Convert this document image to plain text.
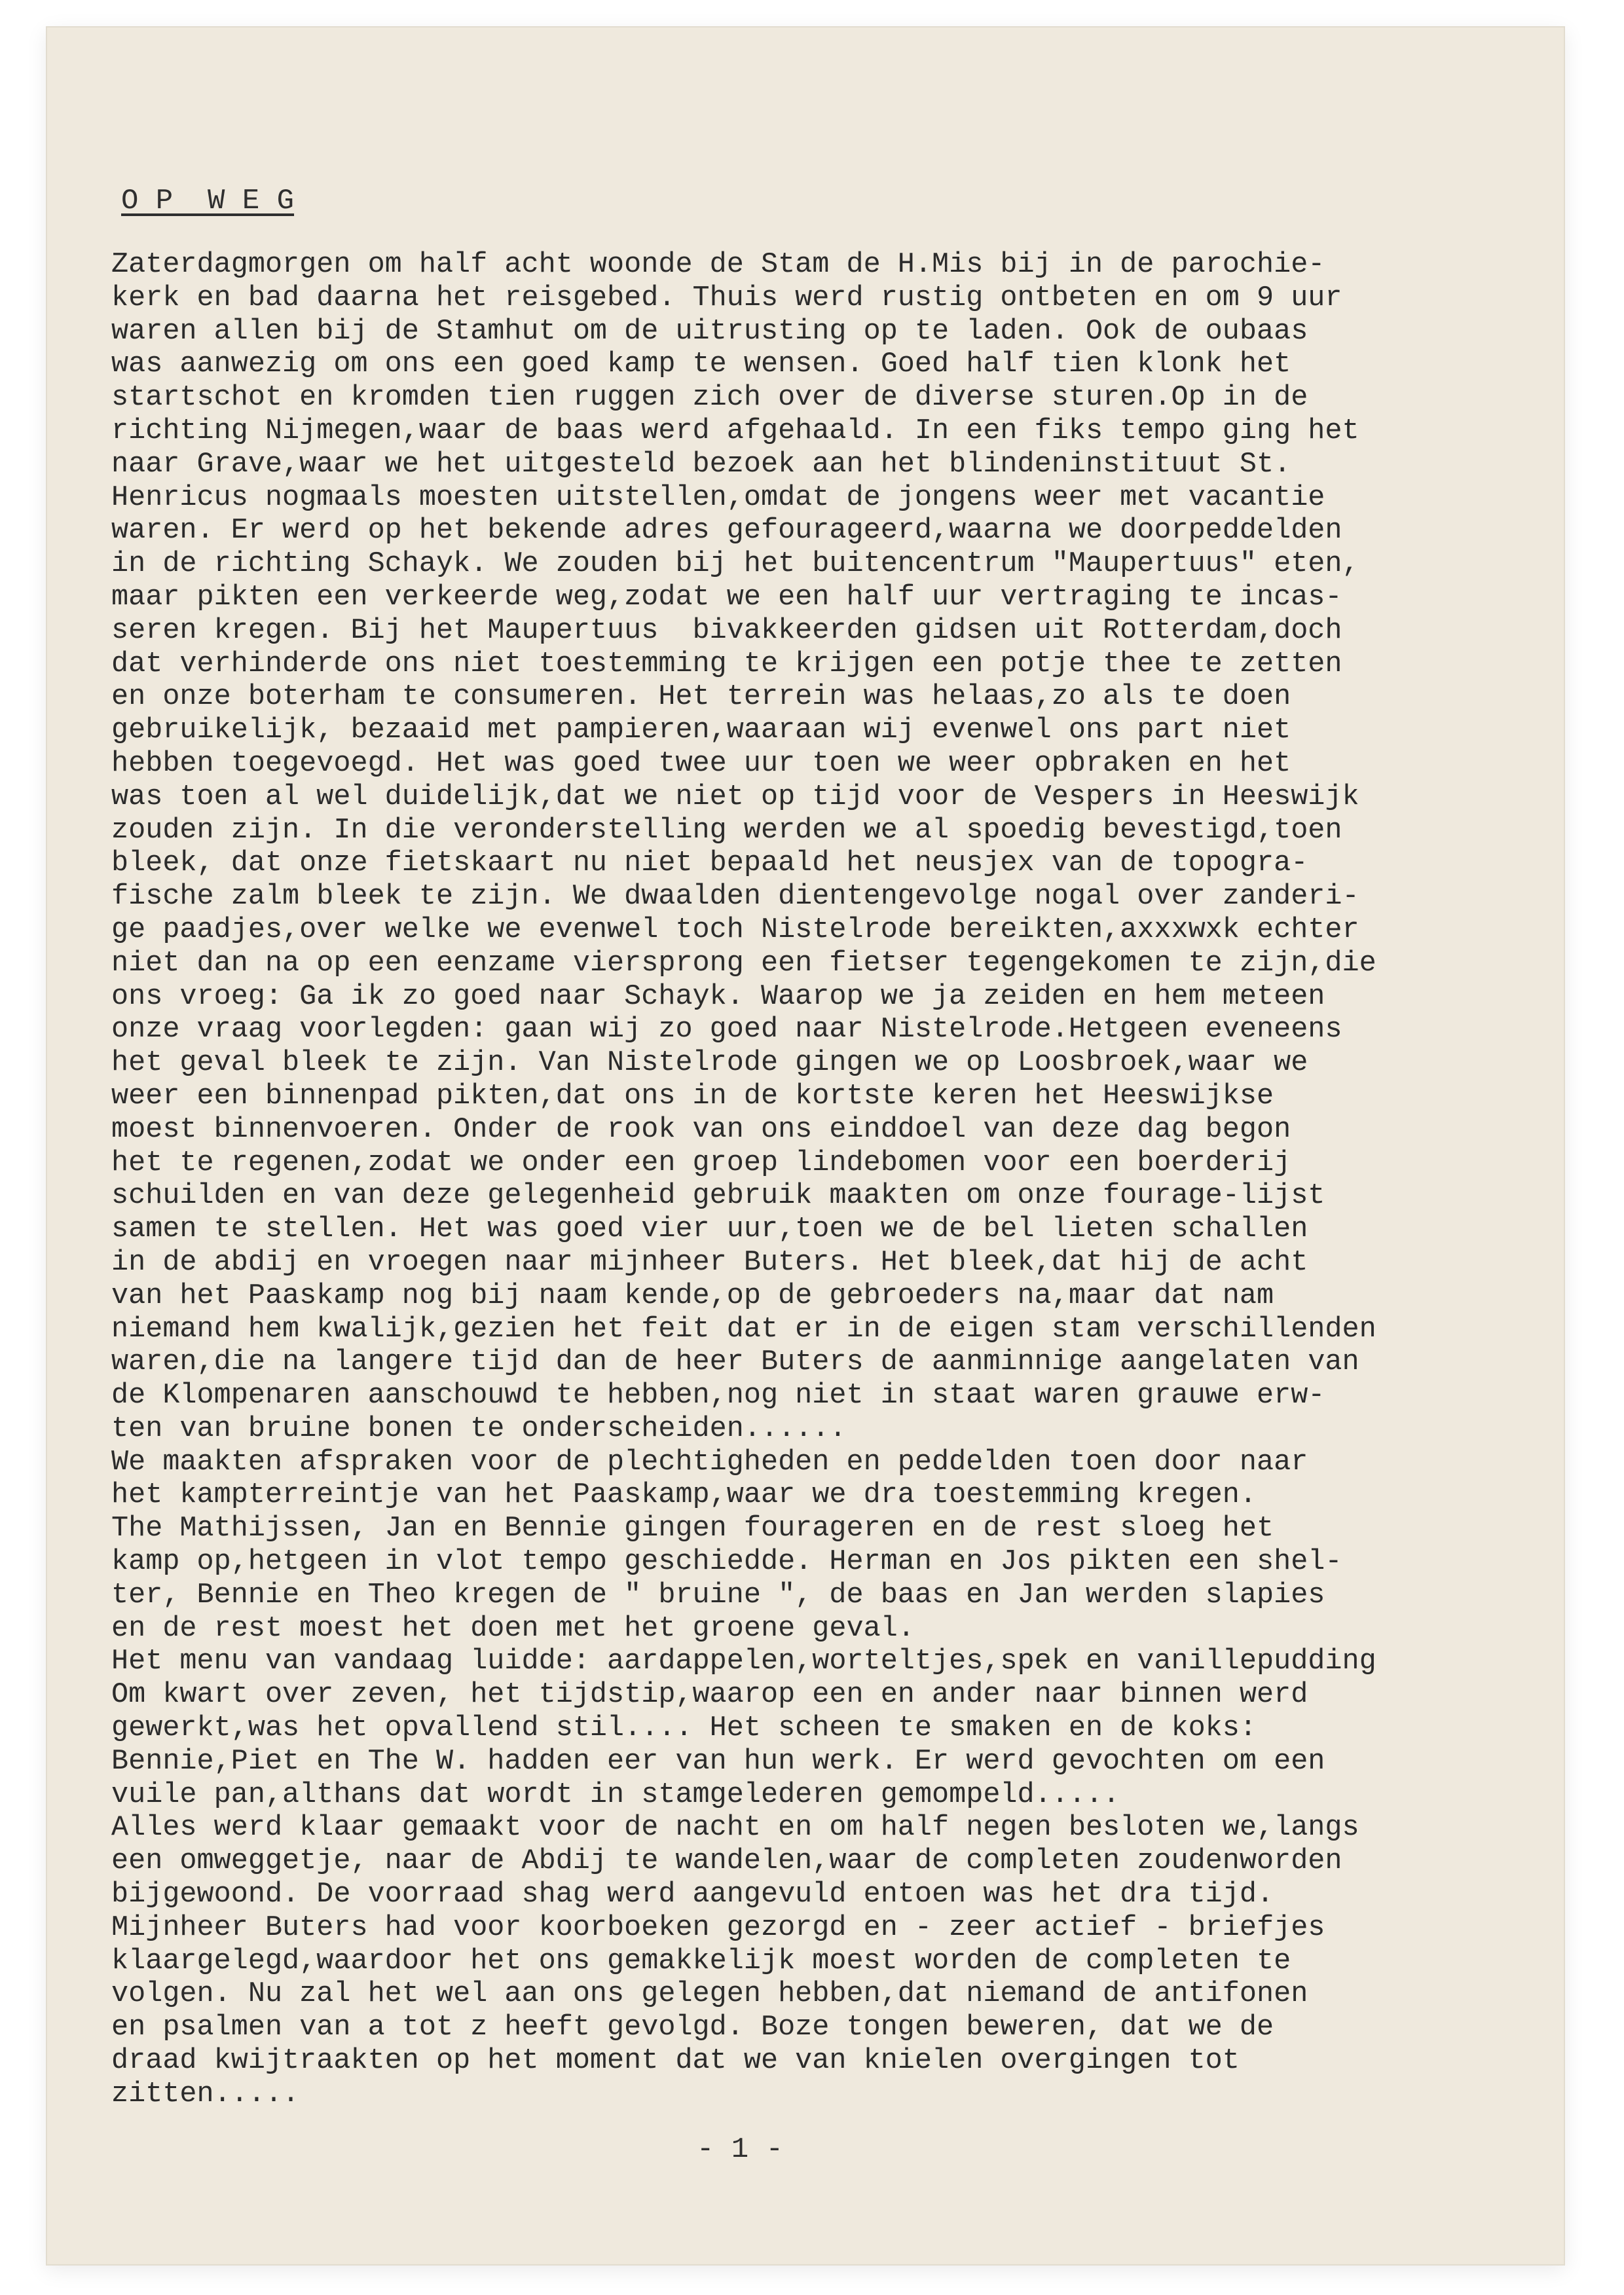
O P  W E G
Zaterdagmorgen om half acht woonde de Stam de H.Mis bij in de parochie-
kerk en bad daarna het reisgebed. Thuis werd rustig ontbeten en om 9 uur
waren allen bij de Stamhut om de uitrusting op te laden. Ook de oubaas
was aanwezig om ons een goed kamp te wensen. Goed half tien klonk het
startschot en kromden tien ruggen zich over de diverse sturen.Op in de
richting Nijmegen,waar de baas werd afgehaald. In een fiks tempo ging het
naar Grave,waar we het uitgesteld bezoek aan het blindeninstituut St.
Henricus nogmaals moesten uitstellen,omdat de jongens weer met vacantie
waren. Er werd op het bekende adres gefourageerd,waarna we doorpeddelden
in de richting Schayk. We zouden bij het buitencentrum "Maupertuus" eten,
maar pikten een verkeerde weg,zodat we een half uur vertraging te incas-
seren kregen. Bij het Maupertuus  bivakkeerden gidsen uit Rotterdam,doch
dat verhinderde ons niet toestemming te krijgen een potje thee te zetten
en onze boterham te consumeren. Het terrein was helaas,zo als te doen
gebruikelijk, bezaaid met pampieren,waaraan wij evenwel ons part niet
hebben toegevoegd. Het was goed twee uur toen we weer opbraken en het
was toen al wel duidelijk,dat we niet op tijd voor de Vespers in Heeswijk
zouden zijn. In die veronderstelling werden we al spoedig bevestigd,toen
bleek, dat onze fietskaart nu niet bepaald het neusjex van de topogra-
fische zalm bleek te zijn. We dwaalden dientengevolge nogal over zanderi-
ge paadjes,over welke we evenwel toch Nistelrode bereikten,axxxwxk echter
niet dan na op een eenzame viersprong een fietser tegengekomen te zijn,die
ons vroeg: Ga ik zo goed naar Schayk. Waarop we ja zeiden en hem meteen
onze vraag voorlegden: gaan wij zo goed naar Nistelrode.Hetgeen eveneens
het geval bleek te zijn. Van Nistelrode gingen we op Loosbroek,waar we
weer een binnenpad pikten,dat ons in de kortste keren het Heeswijkse
moest binnenvoeren. Onder de rook van ons einddoel van deze dag begon
het te regenen,zodat we onder een groep lindebomen voor een boerderij
schuilden en van deze gelegenheid gebruik maakten om onze fourage-lijst
samen te stellen. Het was goed vier uur,toen we de bel lieten schallen
in de abdij en vroegen naar mijnheer Buters. Het bleek,dat hij de acht
van het Paaskamp nog bij naam kende,op de gebroeders na,maar dat nam
niemand hem kwalijk,gezien het feit dat er in de eigen stam verschillenden
waren,die na langere tijd dan de heer Buters de aanminnige aangelaten van
de Klompenaren aanschouwd te hebben,nog niet in staat waren grauwe erw-
ten van bruine bonen te onderscheiden......
We maakten afspraken voor de plechtigheden en peddelden toen door naar
het kampterreintje van het Paaskamp,waar we dra toestemming kregen.
The Mathijssen, Jan en Bennie gingen fourageren en de rest sloeg het
kamp op,hetgeen in vlot tempo geschiedde. Herman en Jos pikten een shel-
ter, Bennie en Theo kregen de " bruine ", de baas en Jan werden slapies
en de rest moest het doen met het groene geval.
Het menu van vandaag luidde: aardappelen,worteltjes,spek en vanillepudding
Om kwart over zeven, het tijdstip,waarop een en ander naar binnen werd
gewerkt,was het opvallend stil.... Het scheen te smaken en de koks:
Bennie,Piet en The W. hadden eer van hun werk. Er werd gevochten om een
vuile pan,althans dat wordt in stamgelederen gemompeld.....
Alles werd klaar gemaakt voor de nacht en om half negen besloten we,langs
een omweggetje, naar de Abdij te wandelen,waar de completen zoudenworden
bijgewoond. De voorraad shag werd aangevuld entoen was het dra tijd.
Mijnheer Buters had voor koorboeken gezorgd en - zeer actief - briefjes
klaargelegd,waardoor het ons gemakkelijk moest worden de completen te
volgen. Nu zal het wel aan ons gelegen hebben,dat niemand de antifonen
en psalmen van a tot z heeft gevolgd. Boze tongen beweren, dat we de
draad kwijtraakten op het moment dat we van knielen overgingen tot
zitten.....
- 1 -
